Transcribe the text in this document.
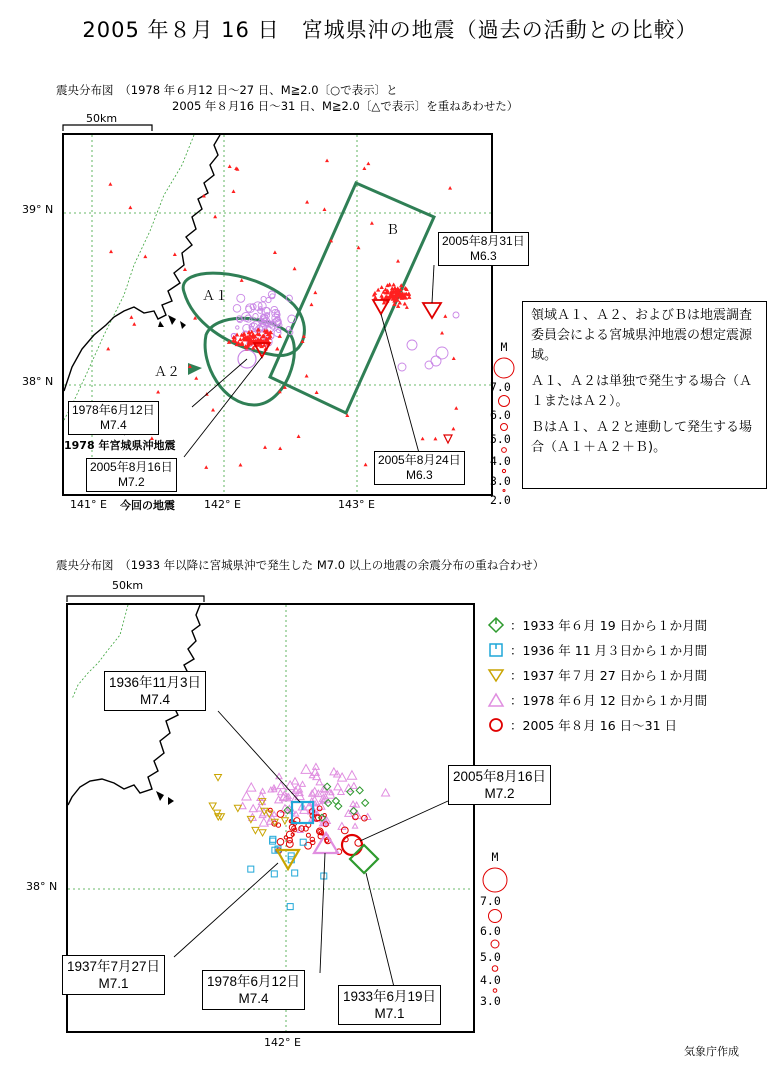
2005 年８月 16 日　宮城県沖の地震（過去の活動との比較）
震央分布図　（1978 年６月12 日～27 日、M≧2.0〔○で表示〕と
2005 年８月16 日～31 日、M≧2.0〔△で表示〕を重ねあわせた）
50km
Ａ１
Ａ２
Ｂ
2005年8月31日
M6.3
1978年6月12日
M7.4
2005年8月16日
M7.2
2005年8月24日
M6.3
1978 年宮城県沖地震
39° N
38° N
141° E	142° E	143° E
今回の地震
M
7.0
6.0
5.0
4.0
3.0
2.0

領域Ａ１、Ａ２、およびＢは地震調査委員会による宮城県沖地震の想定震源域。

Ａ１、Ａ２は単独で発生する場合（Ａ１またはＡ２）。

ＢはＡ１、Ａ２と連動して発生する場合（Ａ１＋Ａ２＋Ｂ)。

震央分布図　（1933 年以降に宮城県沖で発生した M7.0 以上の地震の余震分布の重ね合わせ）
50km
1936年11月3日
M7.4
2005年8月16日
M7.2
1937年7月27日
M7.1	1978年6月12日
M7.4	1933年6月19日
M7.1
38° N
142° E
：1933 年６月 19 日から１か月間
：1936 年 11 月３日から１か月間
：1937 年７月 27 日から１か月間
：1978 年６月 12 日から１か月間
：2005 年８月 16 日～31 日
M
7.0
6.0
5.0
4.0
3.0
気象庁作成
